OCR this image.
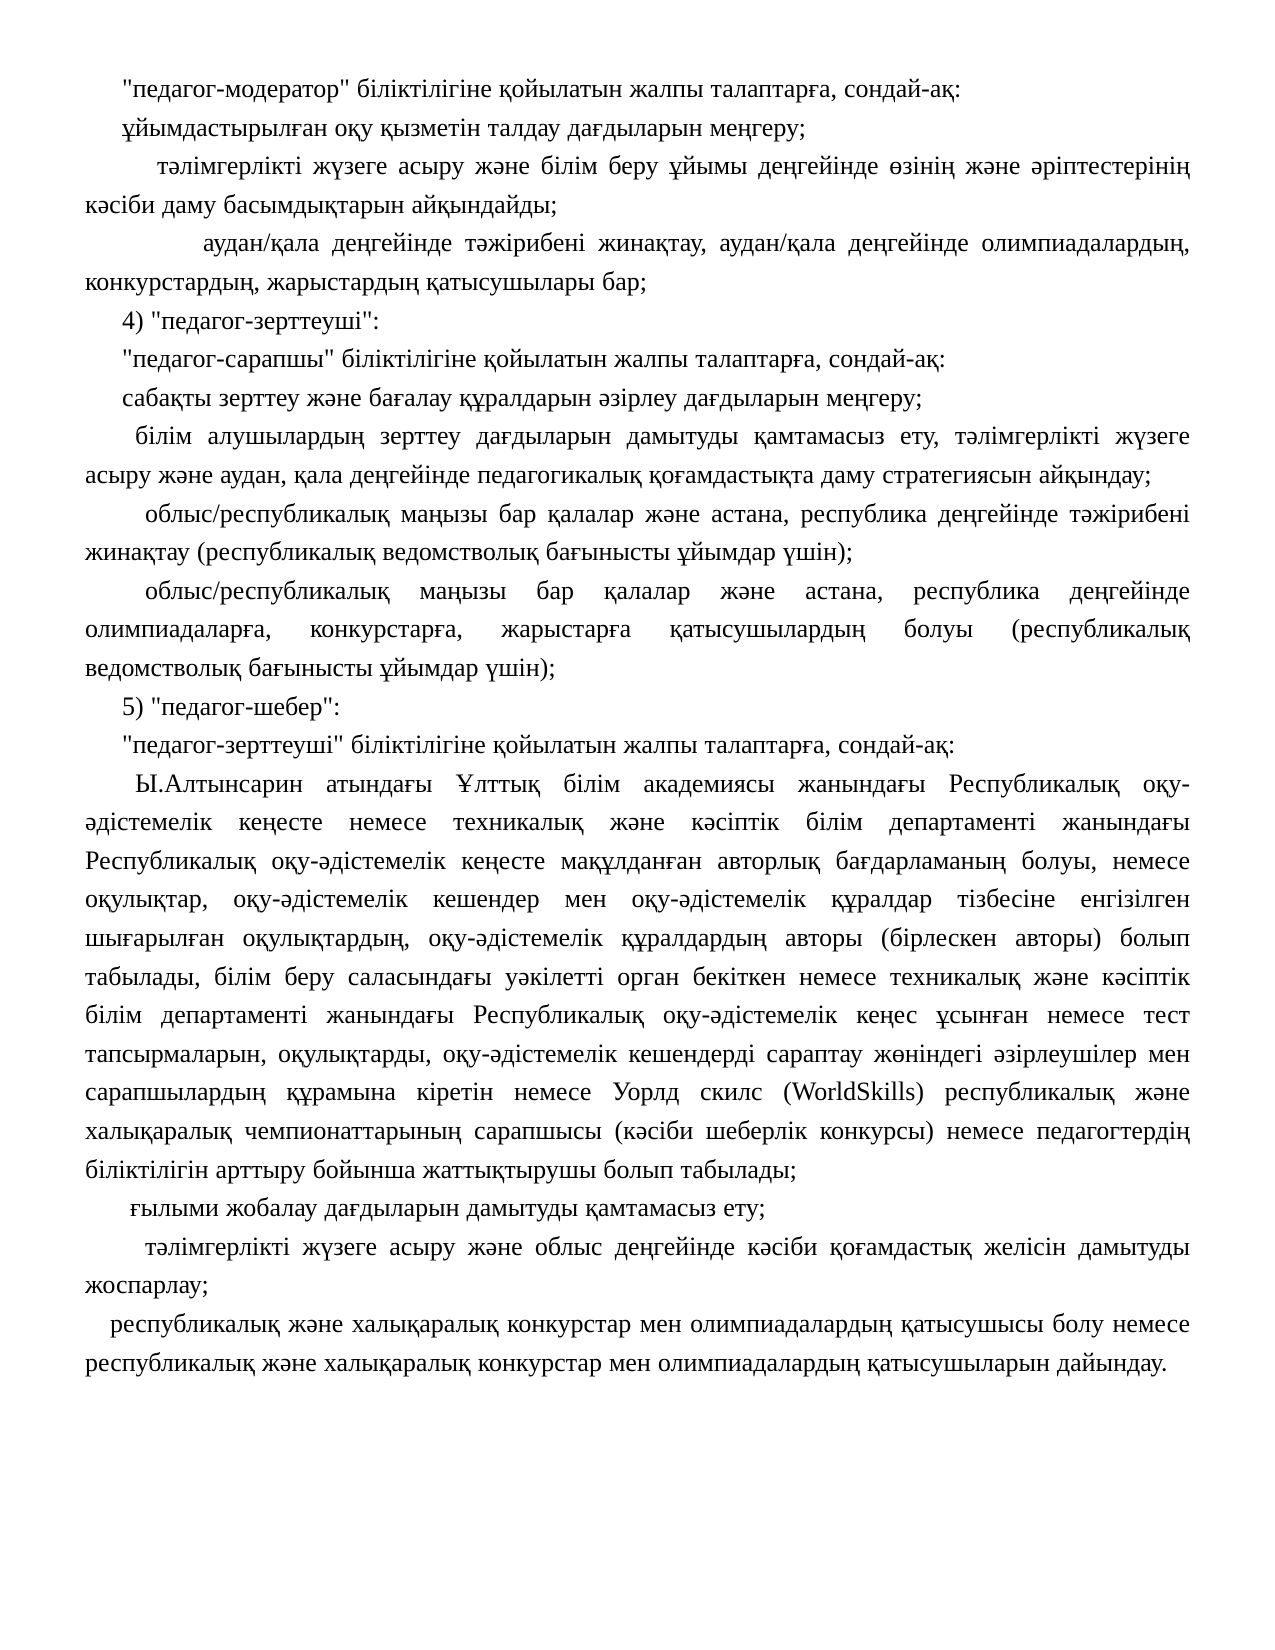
"педагог-модератор" біліктілігіне қойылатын жалпы талаптарға, сондай-ақ:

ұйымдастырылған оқу қызметін талдау дағдыларын меңгеру;

тәлімгерлікті жүзеге асыру және білім беру ұйымы деңгейінде өзінің және әріптестерінің кәсіби даму басымдықтарын айқындайды;

аудан/қала деңгейінде тәжірибені жинақтау, аудан/қала деңгейінде олимпиадалардың, конкурстардың, жарыстардың қатысушылары бар;

4) "педагог-зерттеуші":

"педагог-сарапшы" біліктілігіне қойылатын жалпы талаптарға, сондай-ақ:

сабақты зерттеу және бағалау құралдарын әзірлеу дағдыларын меңгеру;

білім алушылардың зерттеу дағдыларын дамытуды қамтамасыз ету, тәлімгерлікті жүзеге асыру және аудан, қала деңгейінде педагогикалық қоғамдастықта даму стратегиясын айқындау;

облыс/республикалық маңызы бар қалалар және астана, республика деңгейінде тәжірибені жинақтау (республикалық ведомстволық бағынысты ұйымдар үшін);

облыс/республикалық маңызы бар қалалар және астана, республика деңгейінде олимпиадаларға, конкурстарға, жарыстарға қатысушылардың болуы (республикалық ведомстволық бағынысты ұйымдар үшін);

5) "педагог-шебер":

"педагог-зерттеуші" біліктілігіне қойылатын жалпы талаптарға, сондай-ақ:

Ы.Алтынсарин атындағы Ұлттық білім академиясы жанындағы Республикалық оқу-әдістемелік кеңесте немесе техникалық және кәсіптік білім департаменті жанындағы Республикалық оқу-әдістемелік кеңесте мақұлданған авторлық бағдарламаның болуы, немесе оқулықтар, оқу-әдістемелік кешендер мен оқу-әдістемелік құралдар тізбесіне енгізілген шығарылған оқулықтардың, оқу-әдістемелік құралдардың авторы (бірлескен авторы) болып табылады, білім беру саласындағы уәкілетті орган бекіткен немесе техникалық және кәсіптік білім департаменті жанындағы Республикалық оқу-әдістемелік кеңес ұсынған немесе тест тапсырмаларын, оқулықтарды, оқу-әдістемелік кешендерді сараптау жөніндегі әзірлеушілер мен сарапшылардың құрамына кіретін немесе Уорлд скилс (WorldSkills) республикалық және халықаралық чемпионаттарының сарапшысы (кәсіби шеберлік конкурсы) немесе педагогтердің біліктілігін арттыру бойынша жаттықтырушы болып табылады;

ғылыми жобалау дағдыларын дамытуды қамтамасыз ету;

тәлімгерлікті жүзеге асыру және облыс деңгейінде кәсіби қоғамдастық желісін дамытуды жоспарлау;

республикалық және халықаралық конкурстар мен олимпиадалардың қатысушысы болу немесе республикалық және халықаралық конкурстар мен олимпиадалардың қатысушыларын дайындау.
